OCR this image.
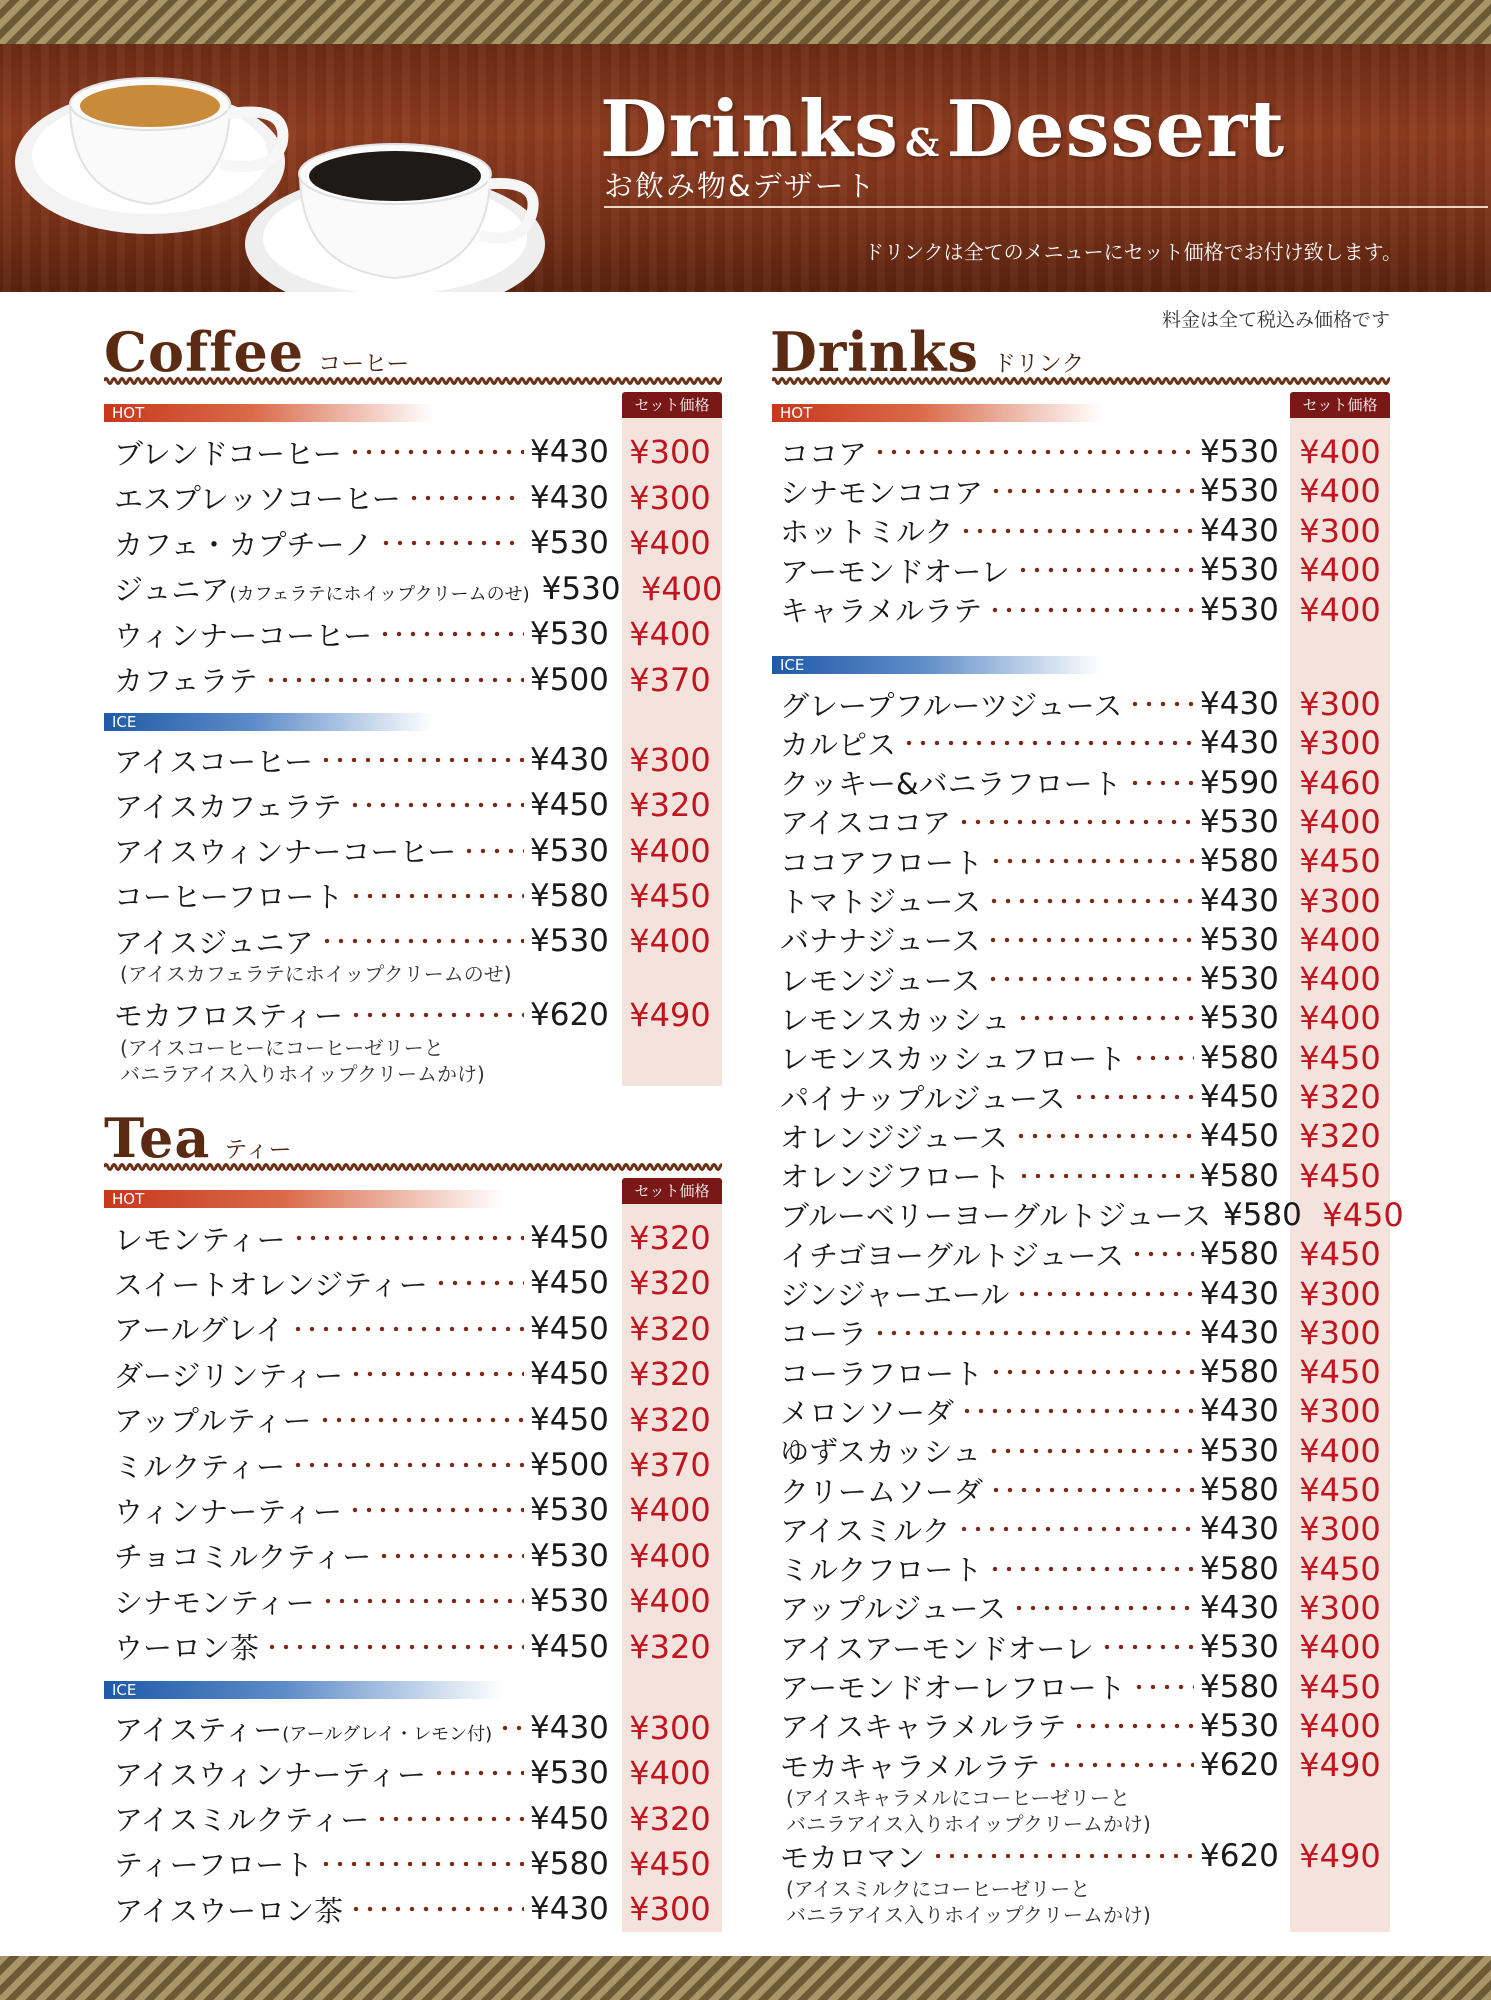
Drinks &Dessert
お飲み物&デザート
ドリンクは全てのメニューにセット価格でお付け致します。
料金は全て税込み価格です
Coffee コーヒー
セット価格
HOT
ブレンドコーヒー	¥430 ¥300
エスプレッソコーヒー	¥430 ¥300
カフェ・カプチーノ	¥530 ¥400
ジュニア(カフェラテにホイップクリームのせ) ¥530 ¥400
ウィンナーコーヒー	¥530 ¥400
カフェラテ	¥500 ¥370
ICE
アイスコーヒー	¥430 ¥300
アイスカフェラテ	¥450 ¥320
アイスウィンナーコーヒー ¥530 ¥400
コーヒーフロート	¥580 ¥450
アイスジュニア	¥530 ¥400
(アイスカフェラテにホイップクリームのせ)
モカフロスティー	¥620 ¥490
(アイスコーヒーにコーヒーゼリーと
バニラアイス入りホイップクリームかけ)
Tea ティー
セット価格
HOT
レモンティー	¥450 ¥320
スイートオレンジティー	¥450 ¥320
アールグレイ	¥450 ¥320
ダージリンティー	¥450 ¥320
アップルティー	¥450 ¥320
ミルクティー	¥500 ¥370
ウィンナーティー	¥530 ¥400
チョコミルクティー	¥530 ¥400
シナモンティー	¥530 ¥400
ウーロン茶	¥450 ¥320
ICE
アイスティー(アールグレイ・レモン付) ¥430 ¥300
アイスウィンナーティー	¥530 ¥400
アイスミルクティー	¥450 ¥320
ティーフロート	¥580 ¥450
アイスウーロン茶	¥430 ¥300
Drinks ドリンク
セット価格
HOT
ココア	¥530 ¥400
シナモンココア	¥530 ¥400
ホットミルク	¥430 ¥300
アーモンドオーレ	¥530 ¥400
キャラメルラテ	¥530 ¥400
ICE
グレープフルーツジュース	¥430 ¥300
カルピス	¥430 ¥300
クッキー&バニラフロート	¥590 ¥460
アイスココア	¥530 ¥400
ココアフロート	¥580 ¥450
トマトジュース	¥430 ¥300
バナナジュース	¥530 ¥400
レモンジュース	¥530 ¥400
レモンスカッシュ	¥530 ¥400
レモンスカッシュフロート ¥580 ¥450
パイナップルジュース	¥450 ¥320
オレンジジュース	¥450 ¥320
オレンジフロート	¥580 ¥450
ブルーベリーヨーグルトジュース ¥580 ¥450
イチゴヨーグルトジュース ¥580 ¥450
ジンジャーエール	¥430 ¥300
コーラ	¥430 ¥300
コーラフロート	¥580 ¥450
メロンソーダ	¥430 ¥300
ゆずスカッシュ	¥530 ¥400
クリームソーダ	¥580 ¥450
アイスミルク	¥430 ¥300
ミルクフロート	¥580 ¥450
アップルジュース	¥430 ¥300
アイスアーモンドオーレ	¥530 ¥400
アーモンドオーレフロート ¥580 ¥450
アイスキャラメルラテ	¥530 ¥400
モカキャラメルラテ	¥620 ¥490
(アイスキャラメルにコーヒーゼリーと
バニラアイス入りホイップクリームかけ)
モカロマン	¥620 ¥490
(アイスミルクにコーヒーゼリーと
バニラアイス入りホイップクリームかけ)
